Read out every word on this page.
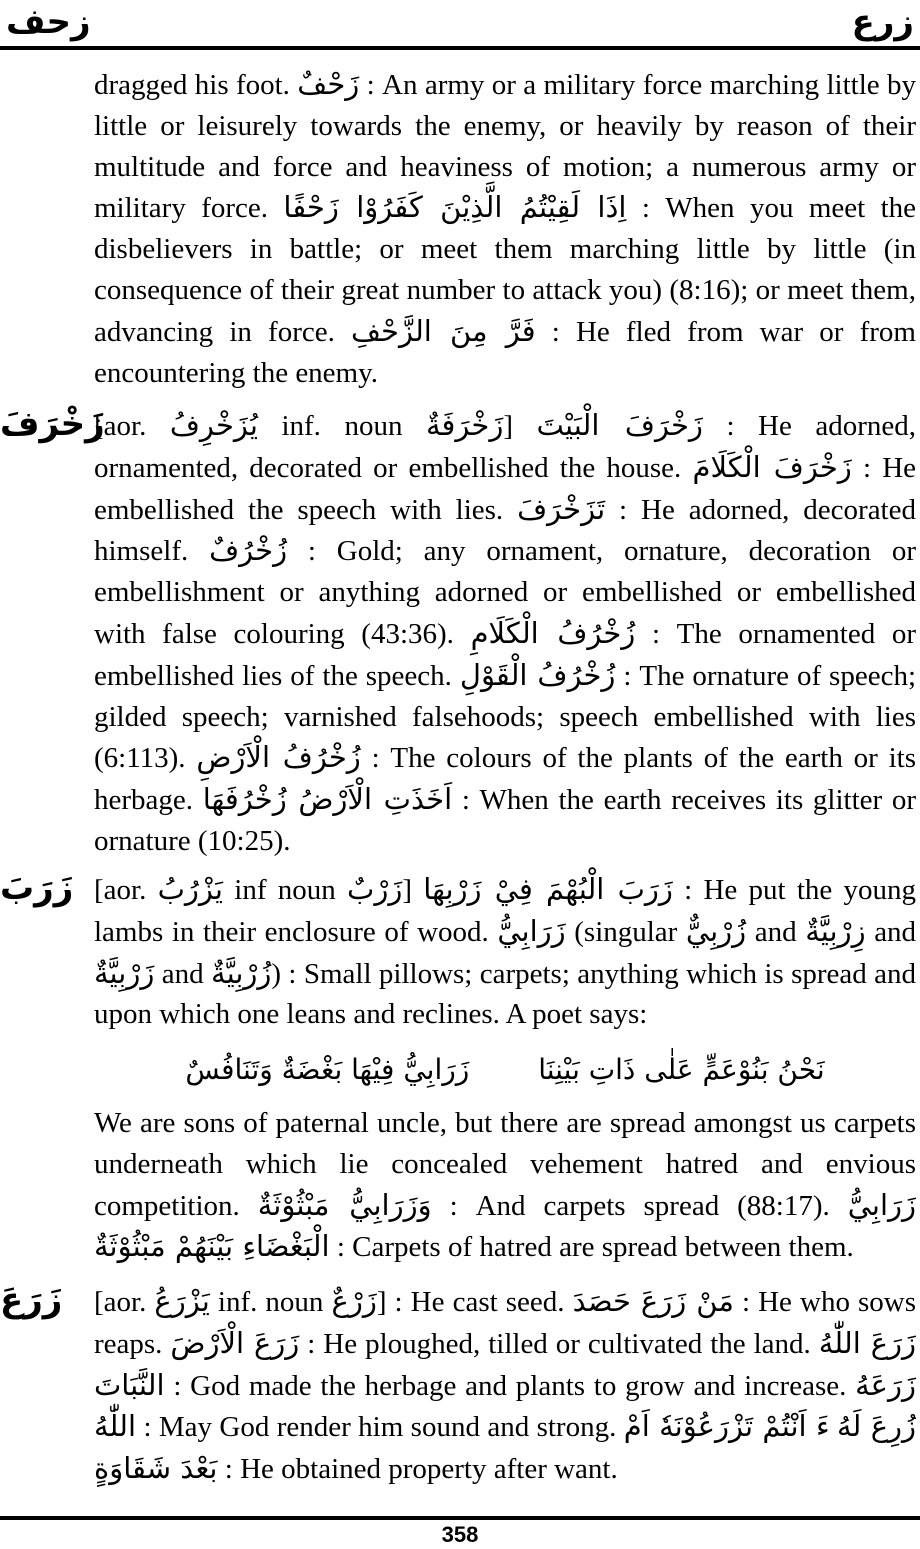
زحف	زرع
dragged his foot. زَحْفٌ : An army or a military force marching little by little or leisurely towards the enemy, or heavily by reason of their multitude and force and heaviness of motion; a numerous army or military force. اِذَا لَقِيْتُمُ الَّذِيْنَ كَفَرُوْا زَحْفًا : When you meet the disbelievers in battle; or meet them marching little by little (in consequence of their great number to attack you) (8:16); or meet them, advancing in force. فَرَّ مِنَ الزَّحْفِ : He fled from war or from encountering the enemy.
زَخْرَفَ
[aor. يُزَخْرِفُ inf. noun زَخْرَفَةٌ] زَخْرَفَ الْبَيْتَ : He adorned, ornamented, decorated or embellished the house. زَخْرَفَ الْكَلَامَ : He embellished the speech with lies. تَزَخْرَفَ : He adorned, decorated himself. زُخْرُفٌ : Gold; any ornament, ornature, decoration or embellishment or anything adorned or embellished or embellished with false colouring (43:36). زُخْرُفُ الْكَلَامِ : The ornamented or embellished lies of the speech. زُخْرُفُ الْقَوْلِ : The ornature of speech; gilded speech; varnished falsehoods; speech embellished with lies (6:113). زُخْرُفُ الْاَرْضِ : The colours of the plants of the earth or its herbage. اَخَذَتِ الْاَرْضُ زُخْرُفَهَا : When the earth receives its glitter or ornature (10:25).
زَرَبَ [aor. يَزْرُبُ inf noun زَرْبٌ] زَرَبَ الْبُهْمَ فِيْ زَرْبِهَا : He put the young lambs in their enclosure of wood. زَرَابِيُّ (singular زُرْبِيٌّ and زِرْبِيَّةٌ and زَرْبِيَّةٌ and زُرْبِيَّةٌ) : Small pillows; carpets; anything which is spread and upon which one leans and reclines. A poet says:
نَحْنُ بَنُوْعَمٍّ عَلٰى ذَاتِ بَيْنِنَا زَرَابِيُّ فِيْهَا بَغْضَةٌ وَتَنَافُسٌ
We are sons of paternal uncle, but there are spread amongst us carpets underneath which lie concealed vehement hatred and envious competition. وَزَرَابِيُّ مَبْثُوْثَةٌ : And carpets spread (88:17). زَرَابِيُّ الْبَغْضَاءِ بَيْنَهُمْ مَبْثُوْثَةٌ : Carpets of hatred are spread between them.
زَرَعَ [aor. يَزْرَعُ inf. noun زَرْعٌ] : He cast seed. مَنْ زَرَعَ حَصَدَ : He who sows reaps. زَرَعَ الْاَرْضَ : He ploughed, tilled or cultivated the land. زَرَعَ اللّٰهُ النَّبَاتَ : God made the herbage and plants to grow and increase. زَرَعَهُ اللّٰهُ : May God render him sound and strong. ءَ اَنْتُمْ تَزْرَعُوْنَهٗ اَمْ زُرِعَ لَهُ بَعْدَ شَقَاوَةٍ : He obtained property after want.
358
